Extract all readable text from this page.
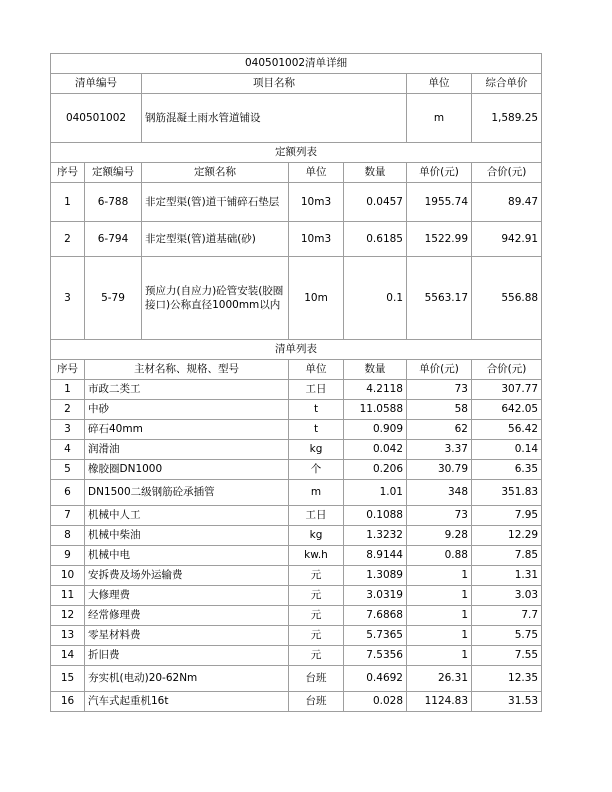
040501002清单详细						
清单编号		项目名称			单位	综合单价
040501002		钢筋混凝土雨水管道铺设			m	1,589.25
定额列表						
序号	定额编号	定额名称	单位	数量	单价(元)	合价(元)
1	6-788	非定型渠(管)道干铺碎石垫层	10m3	0.0457	1955.74	89.47
2	6-794	非定型渠(管)道基础(砂)	10m3	0.6185	1522.99	942.91
3	5-79	预应力(自应力)砼管安装(胶圈接口)公称直径1000mm以内	10m	0.1	5563.17	556.88
清单列表						
序号	主材名称、规格、型号		单位	数量	单价(元)	合价(元)
1	市政二类工		工日	4.2118	73	307.77
2	中砂		t	11.0588	58	642.05
3	碎石40mm		t	0.909	62	56.42
4	润滑油		kg	0.042	3.37	0.14
5	橡胶圈DN1000		个	0.206	30.79	6.35
6	DN1500二级钢筋砼承插管		m	1.01	348	351.83
7	机械中人工		工日	0.1088	73	7.95
8	机械中柴油		kg	1.3232	9.28	12.29
9	机械中电		kw.h	8.9144	0.88	7.85
10	安拆费及场外运输费		元	1.3089	1	1.31
11	大修理费		元	3.0319	1	3.03
12	经常修理费		元	7.6868	1	7.7
13	零星材料费		元	5.7365	1	5.75
14	折旧费		元	7.5356	1	7.55
15	夯实机(电动)20-62Nm		台班	0.4692	26.31	12.35
16	汽车式起重机16t		台班	0.028	1124.83	31.53
